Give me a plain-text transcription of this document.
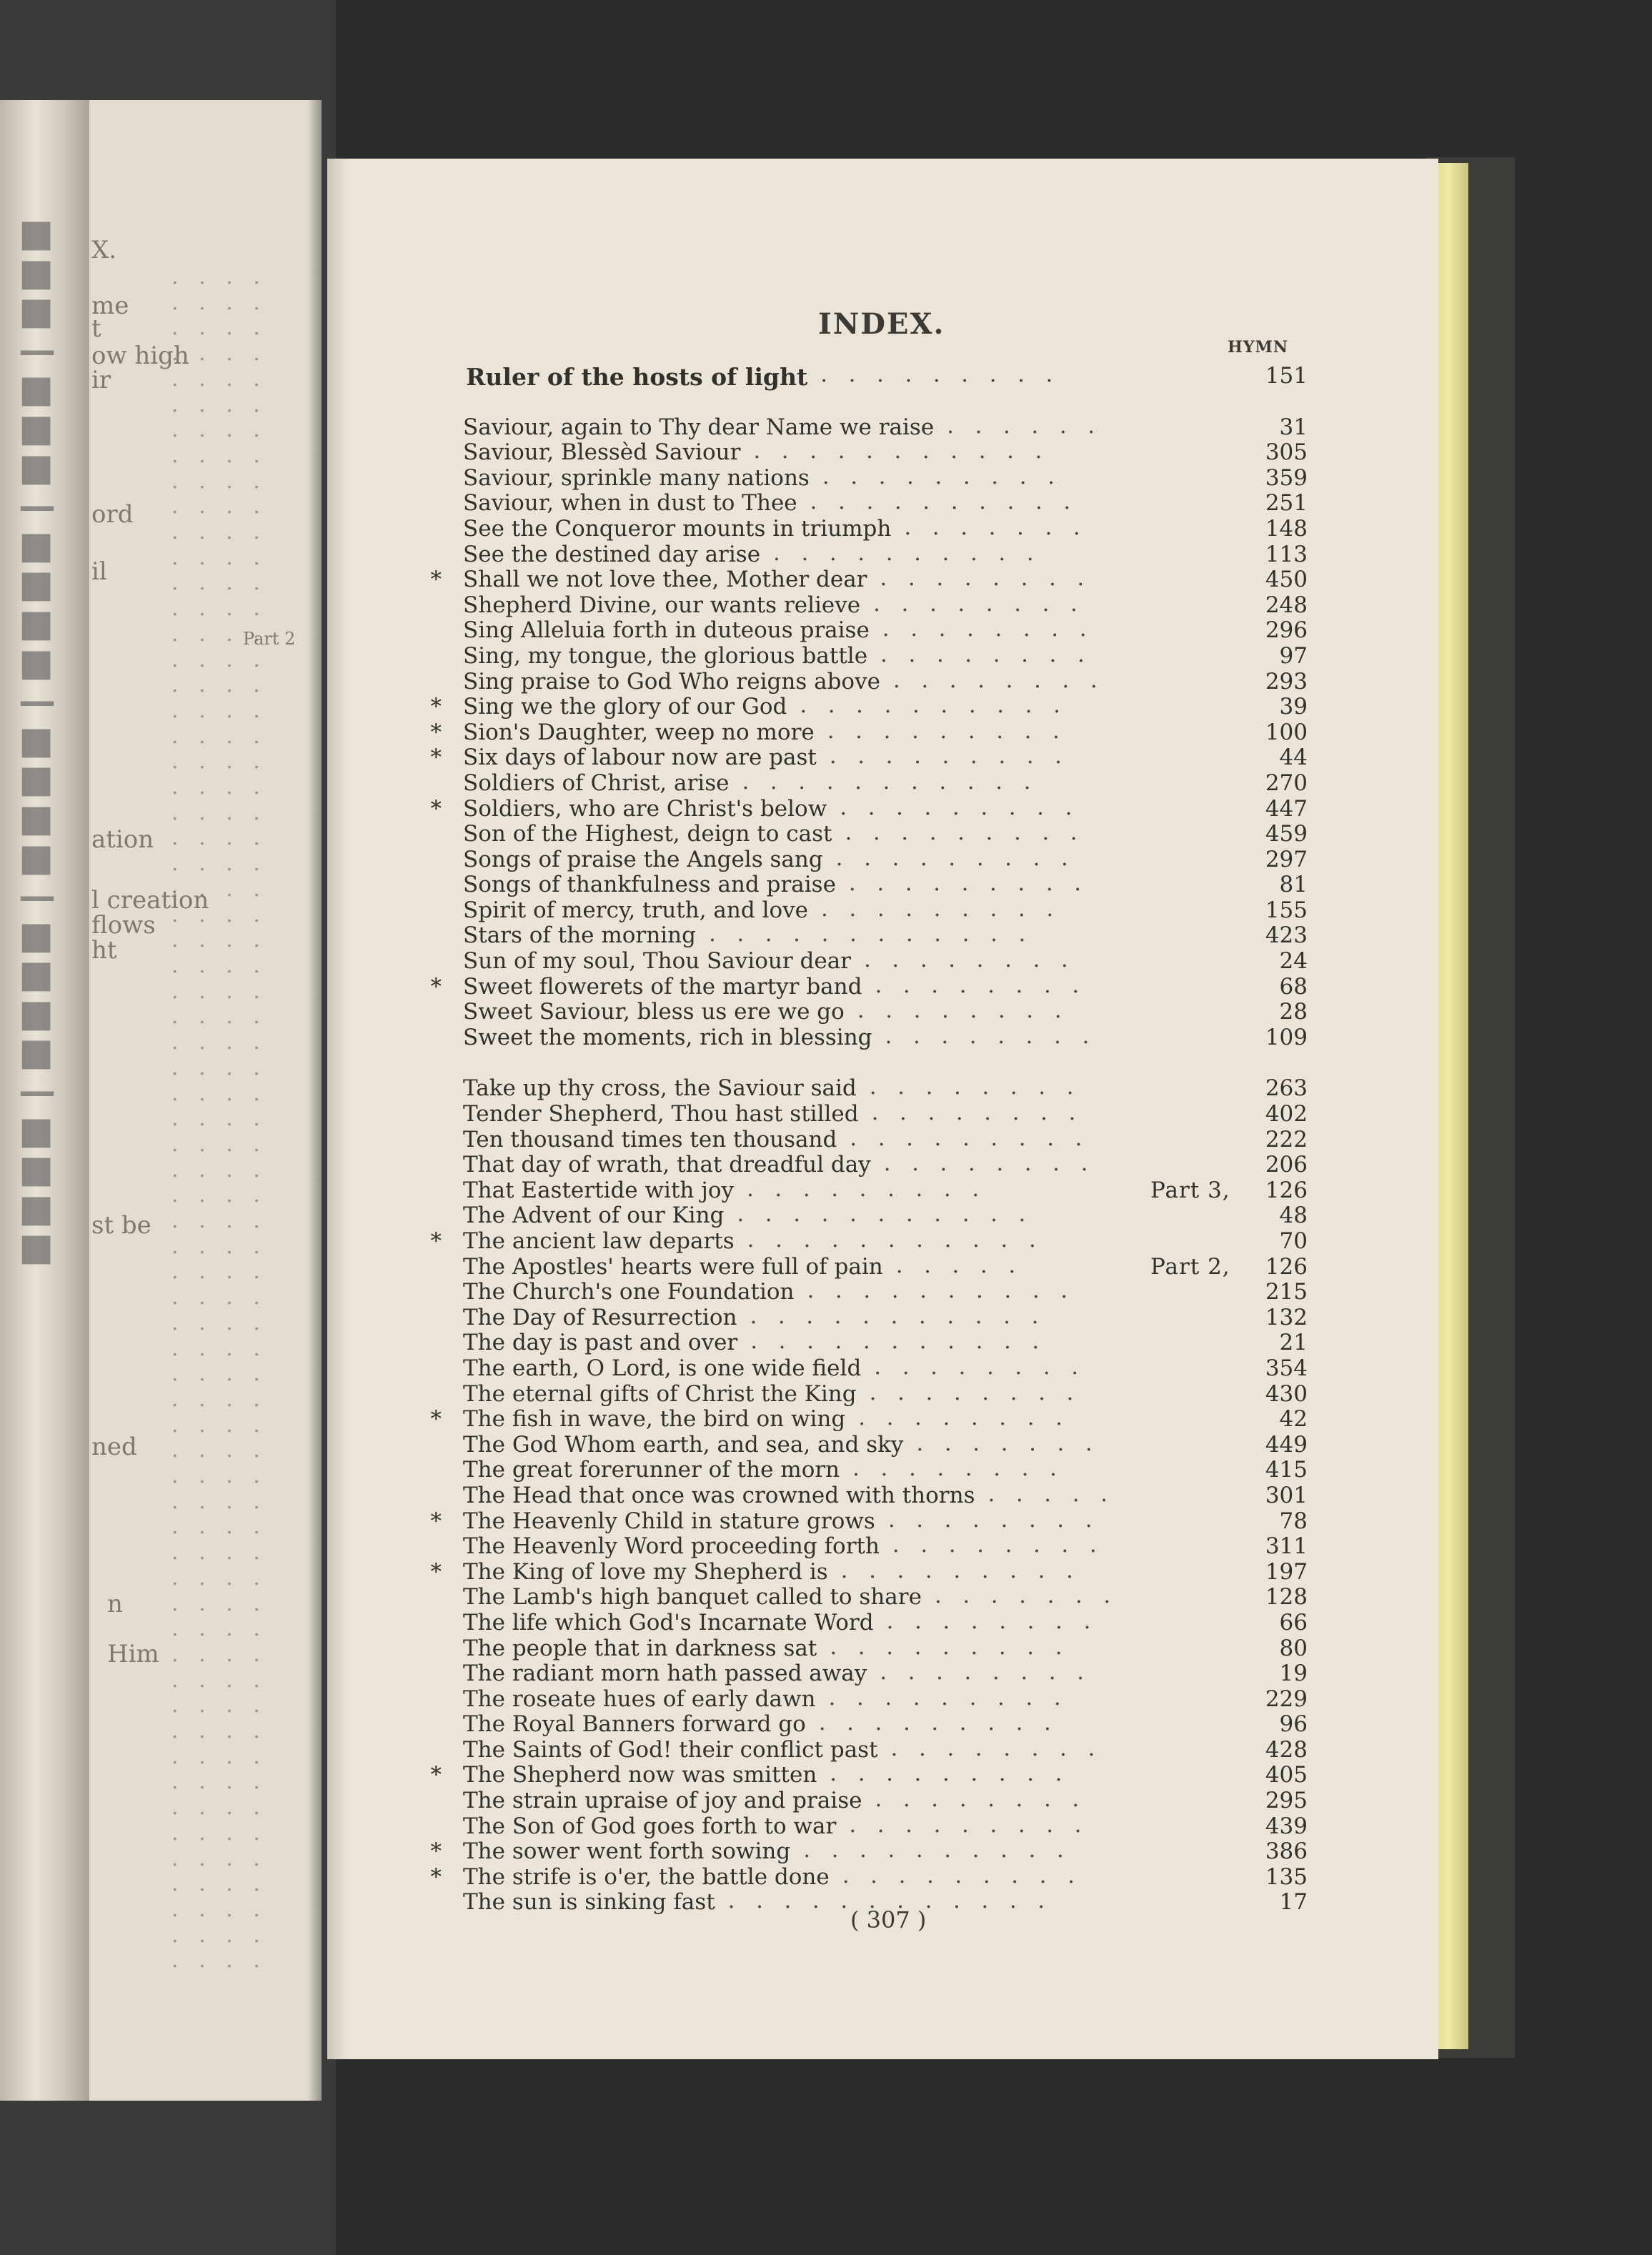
■
■
■
—
■
■
■
—
■
■
■
■
—
■
■
■
■
—
■
■
■
■
—
■
■
■
■
X.
me
t
ow high
ir
ord
il
Part 2
ation
l creation
flows
ht
st be
ned
n
Him
.   .   .   .
.   .   .   .
.   .   .   .
.   .   .   .
.   .   .   .
.   .   .   .
.   .   .   .
.   .   .   .
.   .   .   .
.   .   .   .
.   .   .   .
.   .   .   .
.   .   .   .
.   .   .   .
.   .   .   .
.   .   .   .
.   .   .   .
.   .   .   .
.   .   .   .
.   .   .   .
.   .   .   .
.   .   .   .
.   .   .   .
.   .   .   .
.   .   .   .
.   .   .   .
.   .   .   .
.   .   .   .
.   .   .   .
.   .   .   .
.   .   .   .
.   .   .   .
.   .   .   .
.   .   .   .
.   .   .   .
.   .   .   .
.   .   .   .
.   .   .   .
.   .   .   .
.   .   .   .
.   .   .   .
.   .   .   .
.   .   .   .
.   .   .   .
.   .   .   .
.   .   .   .
.   .   .   .
.   .   .   .
.   .   .   .
.   .   .   .
.   .   .   .
.   .   .   .
.   .   .   .
.   .   .   .
.   .   .   .
.   .   .   .
.   .   .   .
.   .   .   .
.   .   .   .
.   .   .   .
.   .   .   .
.   .   .   .
.   .   .   .
.   .   .   .
.   .   .   .
.   .   .   .
.   .   .   .
INDEX.
HYMN
Ruler of the hosts of light .   .   .   .   .   .   .   .   .	151
Saviour, again to Thy dear Name we raise .   .   .   .   .   .	31
Saviour, Blessèd Saviour .   .   .   .   .   .   .   .   .   .   .	305
Saviour, sprinkle many nations .   .   .   .   .   .   .   .   .	359
Saviour, when in dust to Thee .   .   .   .   .   .   .   .   .   .	251
See the Conqueror mounts in triumph .   .   .   .   .   .   .	148
See the destined day arise .   .   .   .   .   .   .   .   .   .	113
* Shall we not love thee, Mother dear .   .   .   .   .   .   .   .	450
Shepherd Divine, our wants relieve .   .   .   .   .   .   .   .	248
Sing Alleluia forth in duteous praise .   .   .   .   .   .   .   .	296
Sing, my tongue, the glorious battle .   .   .   .   .   .   .   .	97
Sing praise to God Who reigns above .   .   .   .   .   .   .   .	293
* Sing we the glory of our God .   .   .   .   .   .   .   .   .   .	39
* Sion's Daughter, weep no more .   .   .   .   .   .   .   .   .	100
* Six days of labour now are past .   .   .   .   .   .   .   .   .	44
Soldiers of Christ, arise .   .   .   .   .   .   .   .   .   .   .	270
* Soldiers, who are Christ's below .   .   .   .   .   .   .   .   .	447
Son of the Highest, deign to cast .   .   .   .   .   .   .   .   .	459
Songs of praise the Angels sang .   .   .   .   .   .   .   .   .	297
Songs of thankfulness and praise .   .   .   .   .   .   .   .   .	81
Spirit of mercy, truth, and love .   .   .   .   .   .   .   .   .	155
Stars of the morning .   .   .   .   .   .   .   .   .   .   .   .	423
Sun of my soul, Thou Saviour dear .   .   .   .   .   .   .   .	24
* Sweet flowerets of the martyr band .   .   .   .   .   .   .   .	68
Sweet Saviour, bless us ere we go .   .   .   .   .   .   .   .	28
Sweet the moments, rich in blessing .   .   .   .   .   .   .   .	109
Take up thy cross, the Saviour said .   .   .   .   .   .   .   .	263
Tender Shepherd, Thou hast stilled .   .   .   .   .   .   .   .	402
Ten thousand times ten thousand .   .   .   .   .   .   .   .   .	222
That day of wrath, that dreadful day .   .   .   .   .   .   .   .	206
That Eastertide with joy .   .   .   .   .   .   .   .   .	Part 3,	126
The Advent of our King .   .   .   .   .   .   .   .   .   .   .	48
* The ancient law departs .   .   .   .   .   .   .   .   .   .   .	70
The Apostles' hearts were full of pain .   .   .   .   .	Part 2,	126
The Church's one Foundation .   .   .   .   .   .   .   .   .   .	215
The Day of Resurrection .   .   .   .   .   .   .   .   .   .   .	132
The day is past and over .   .   .   .   .   .   .   .   .   .   .	21
The earth, O Lord, is one wide field .   .   .   .   .   .   .   .	354
The eternal gifts of Christ the King .   .   .   .   .   .   .   .	430
* The fish in wave, the bird on wing .   .   .   .   .   .   .   .	42
The God Whom earth, and sea, and sky .   .   .   .   .   .   .	449
The great forerunner of the morn .   .   .   .   .   .   .   .	415
The Head that once was crowned with thorns .   .   .   .   .	301
* The Heavenly Child in stature grows .   .   .   .   .   .   .   .	78
The Heavenly Word proceeding forth .   .   .   .   .   .   .   .	311
* The King of love my Shepherd is .   .   .   .   .   .   .   .   .	197
The Lamb's high banquet called to share .   .   .   .   .   .   .	128
The life which God's Incarnate Word .   .   .   .   .   .   .   .	66
The people that in darkness sat .   .   .   .   .   .   .   .   .	80
The radiant morn hath passed away .   .   .   .   .   .   .   .	19
The roseate hues of early dawn .   .   .   .   .   .   .   .   .	229
The Royal Banners forward go .   .   .   .   .   .   .   .   .	96
The Saints of God! their conflict past .   .   .   .   .   .   .   .	428
* The Shepherd now was smitten .   .   .   .   .   .   .   .   .	405
The strain upraise of joy and praise .   .   .   .   .   .   .   .	295
The Son of God goes forth to war .   .   .   .   .   .   .   .   .	439
* The sower went forth sowing .   .   .   .   .   .   .   .   .   .	386
* The strife is o'er, the battle done .   .   .   .   .   .   .   .   .	135
The sun is sinking fast .   .   .   .   .   .   .   .   .   .   .   .	17
( 307 )
